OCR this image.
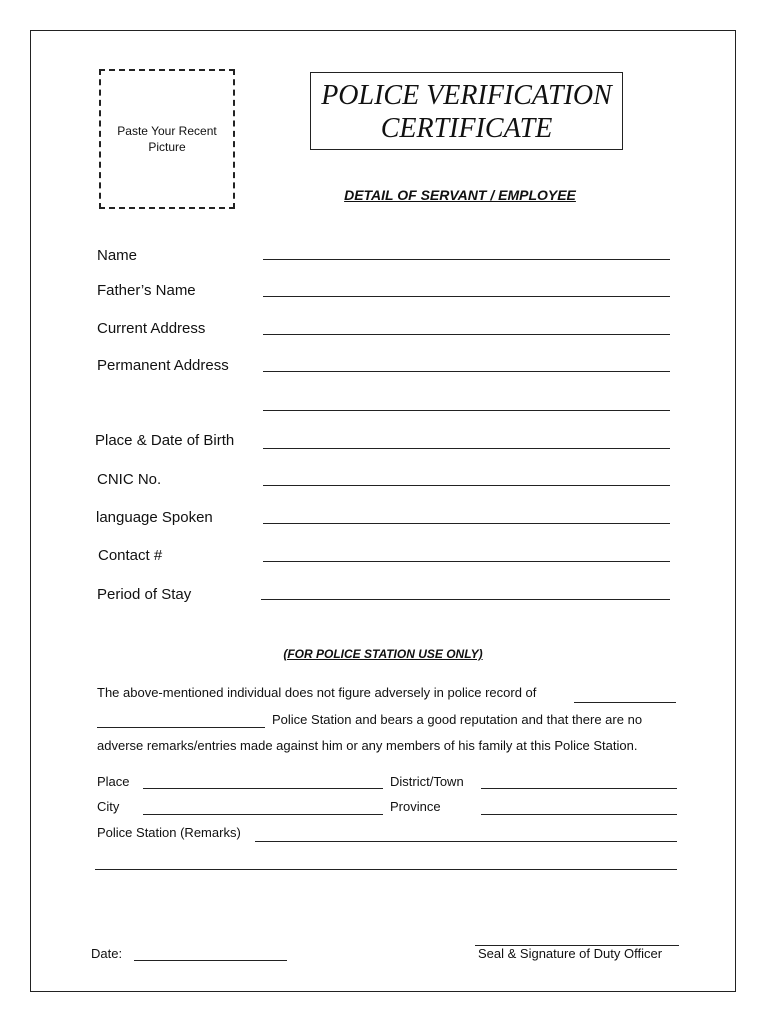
Paste Your Recent Picture
POLICE VERIFICATION
CERTIFICATE
DETAIL OF SERVANT / EMPLOYEE
Name
Father’s Name
Current Address
Permanent Address
Place & Date of Birth
CNIC No.
language Spoken
Contact #
Period of Stay
(FOR POLICE STATION USE ONLY)
The above-mentioned individual does not figure adversely in police record of
Police Station and bears a good reputation and that there are no
adverse remarks/entries made against him or any members of his family at this Police Station.
Place	District/Town
City	Province
Police Station (Remarks)
Date:	Seal & Signature of Duty Officer
